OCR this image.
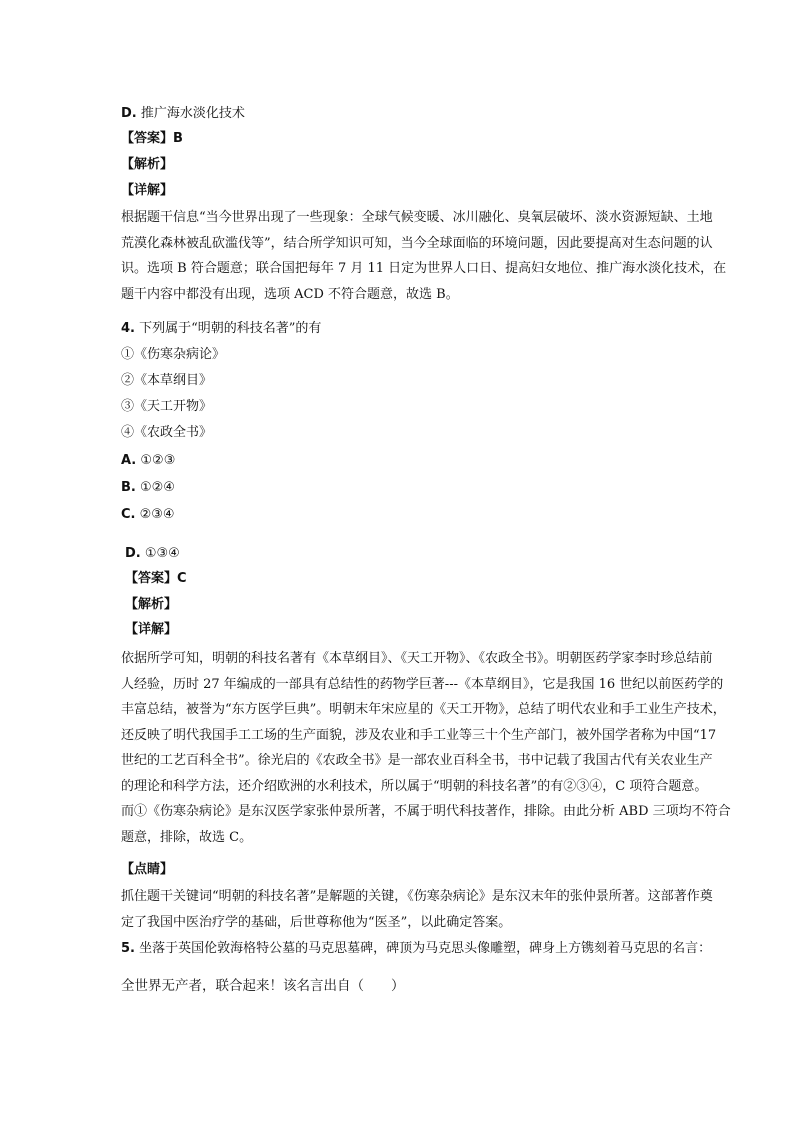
D. 推广海水淡化技术
【答案】B
【解析】
【详解】
根据题干信息“当今世界出现了一些现象：全球气候变暖、冰川融化、臭氧层破坏、淡水资源短缺、土地
荒漠化森林被乱砍滥伐等”，结合所学知识可知，当今全球面临的环境问题，因此要提高对生态问题的认
识。选项 B 符合题意；联合国把每年 7 月 11 日定为世界人口日、提高妇女地位、推广海水淡化技术，在
题干内容中都没有出现，选项 ACD 不符合题意，故选 B。
4. 下列属于“明朝的科技名著”的有
①《伤寒杂病论》
②《本草纲目》
③《天工开物》
④《农政全书》
A. ①②③
B. ①②④
C. ②③④
D. ①③④
【答案】C
【解析】
【详解】
依据所学可知，明朝的科技名著有《本草纲目》、《天工开物》、《农政全书》。明朝医药学家李时珍总结前
人经验，历时 27 年编成的一部具有总结性的药物学巨著---《本草纲目》，它是我国 16 世纪以前医药学的
丰富总结，被誉为“东方医学巨典”。明朝末年宋应星的《天工开物》，总结了明代农业和手工业生产技术，
还反映了明代我国手工工场的生产面貌，涉及农业和手工业等三十个生产部门，被外国学者称为中国“17
世纪的工艺百科全书”。徐光启的《农政全书》是一部农业百科全书，书中记载了我国古代有关农业生产
的理论和科学方法，还介绍欧洲的水利技术，所以属于“明朝的科技名著”的有②③④，C 项符合题意。
而①《伤寒杂病论》是东汉医学家张仲景所著，不属于明代科技著作，排除。由此分析 ABD 三项均不符合
题意，排除，故选 C。
【点睛】
抓住题干关键词“明朝的科技名著”是解题的关键，《伤寒杂病论》是东汉末年的张仲景所著。这部著作奠
定了我国中医治疗学的基础，后世尊称他为“医圣”，以此确定答案。
5. 坐落于英国伦敦海格特公墓的马克思墓碑，碑顶为马克思头像雕塑，碑身上方镌刻着马克思的名言：
全世界无产者，联合起来！该名言出自（　　）
